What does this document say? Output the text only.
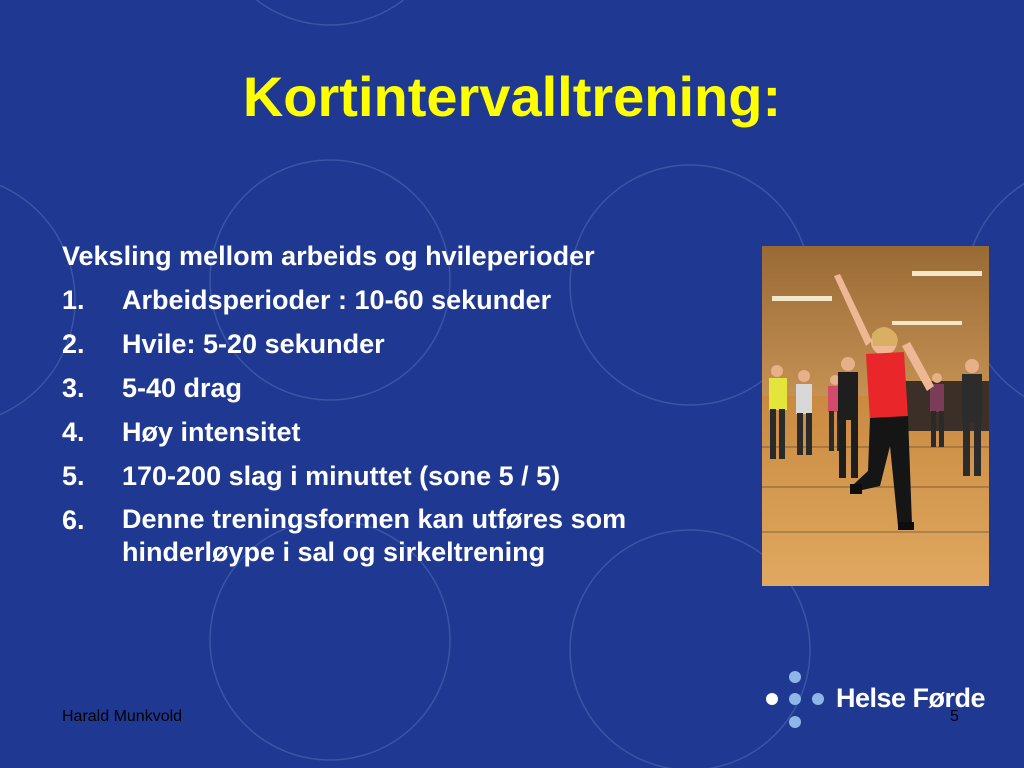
Kortintervalltrening:

Veksling mellom arbeids og hvileperioder

1.	Arbeidsperioder : 10-60 sekunder
2.	Hvile: 5-20 sekunder
3.	5-40 drag
4.	Høy intensitet
5.	170-200 slag i minuttet (sone 5 / 5)
6.	Denne treningsformen kan utføres som hinderløype i sal og sirkeltrening
Harald Munkvold
Helse Førde
5
